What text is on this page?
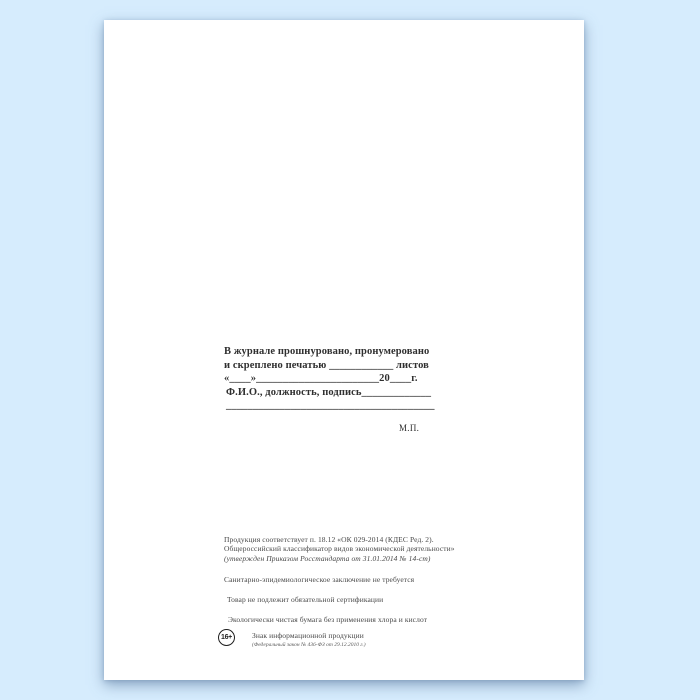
В журнале прошнуровано, пронумеровано
и скреплено печатью ____________ листов
«____»_______________________20____г.
Ф.И.О., должность, подпись_____________
_______________________________________
М.П.
Продукция соответствует п. 18.12 «ОК 029-2014 (КДЕС Ред. 2).
Общероссийский классификатор видов экономической деятельности»
(утвержден Приказом Росстандарта от 31.01.2014 № 14-ст)
Санитарно-эпидемиологическое заключение не требуется
Товар не подлежит обязательной сертификации
Экологически чистая бумага без применения хлора и кислот
16+	Знак информационной продукции
(Федеральный закон № 436-ФЗ от 29.12.2010 г.)
